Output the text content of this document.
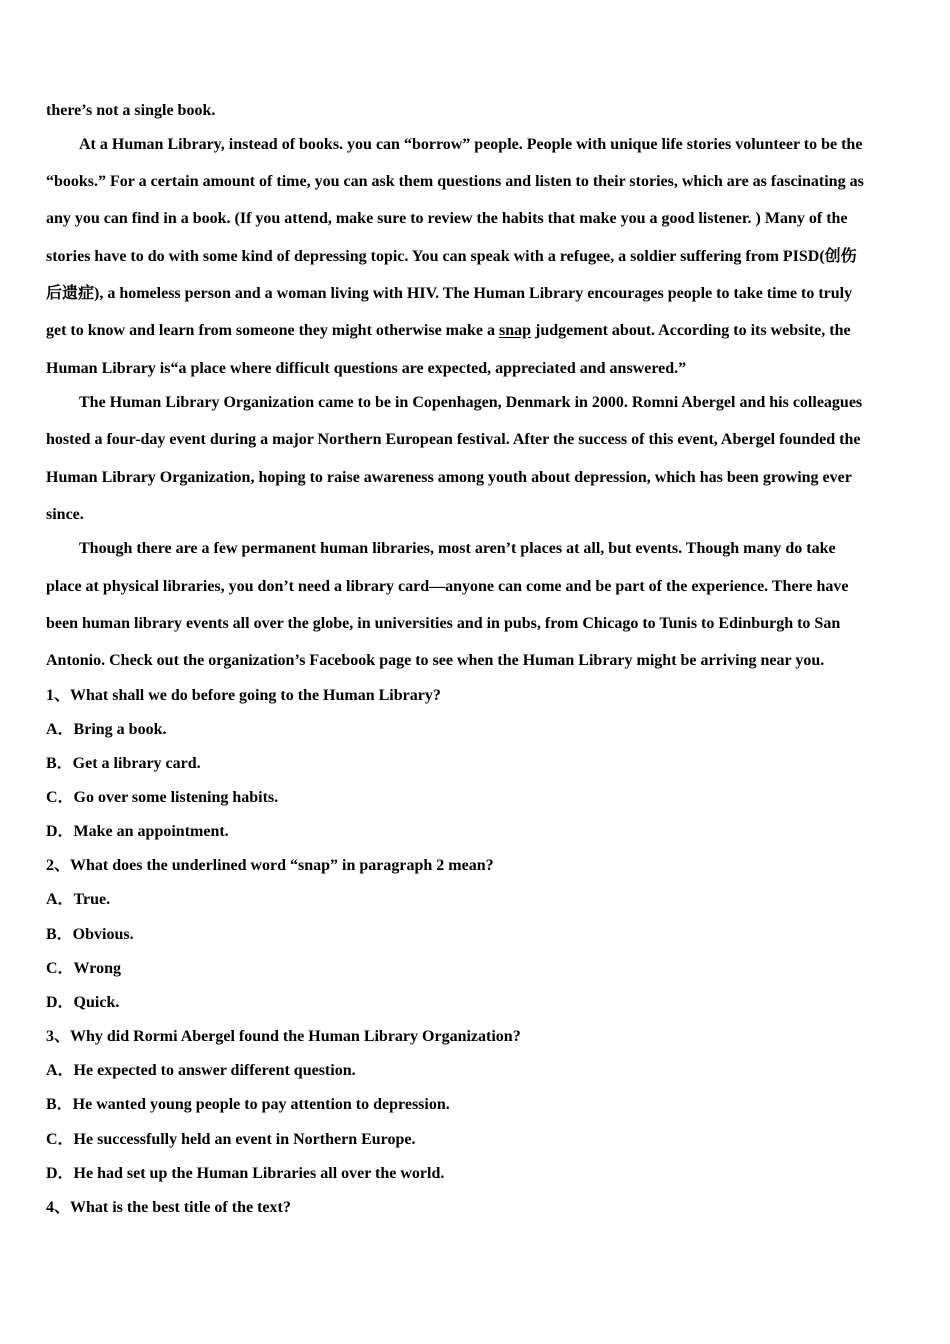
there’s not a single book.
At a Human Library, instead of books. you can “borrow” people. People with unique life stories volunteer to be the
“books.” For a certain amount of time, you can ask them questions and listen to their stories, which are as fascinating as
any you can find in a book. (If you attend, make sure to review the habits that make you a good listener. ) Many of the
stories have to do with some kind of depressing topic. You can speak with a refugee, a soldier suffering from PISD(创伤
后遗症), a homeless person and a woman living with HIV. The Human Library encourages people to take time to truly
get to know and learn from someone they might otherwise make a snap judgement about. According to its website, the
Human Library is“a place where difficult questions are expected, appreciated and answered.”
The Human Library Organization came to be in Copenhagen, Denmark in 2000. Romni Abergel and his colleagues
hosted a four-day event during a major Northern European festival. After the success of this event, Abergel founded the
Human Library Organization, hoping to raise awareness among youth about depression, which has been growing ever
since.
Though there are a few permanent human libraries, most aren’t places at all, but events. Though many do take
place at physical libraries, you don’t need a library card—anyone can come and be part of the experience. There have
been human library events all over the globe, in universities and in pubs, from Chicago to Tunis to Edinburgh to San
Antonio. Check out the organization’s Facebook page to see when the Human Library might be arriving near you.
1、What shall we do before going to the Human Library?
A．Bring a book.
B．Get a library card.
C．Go over some listening habits.
D．Make an appointment.
2、What does the underlined word “snap” in paragraph 2 mean?
A．True.
B．Obvious.
C．Wrong
D．Quick.
3、Why did Rormi Abergel found the Human Library Organization?
A．He expected to answer different question.
B．He wanted young people to pay attention to depression.
C．He successfully held an event in Northern Europe.
D．He had set up the Human Libraries all over the world.
4、What is the best title of the text?
